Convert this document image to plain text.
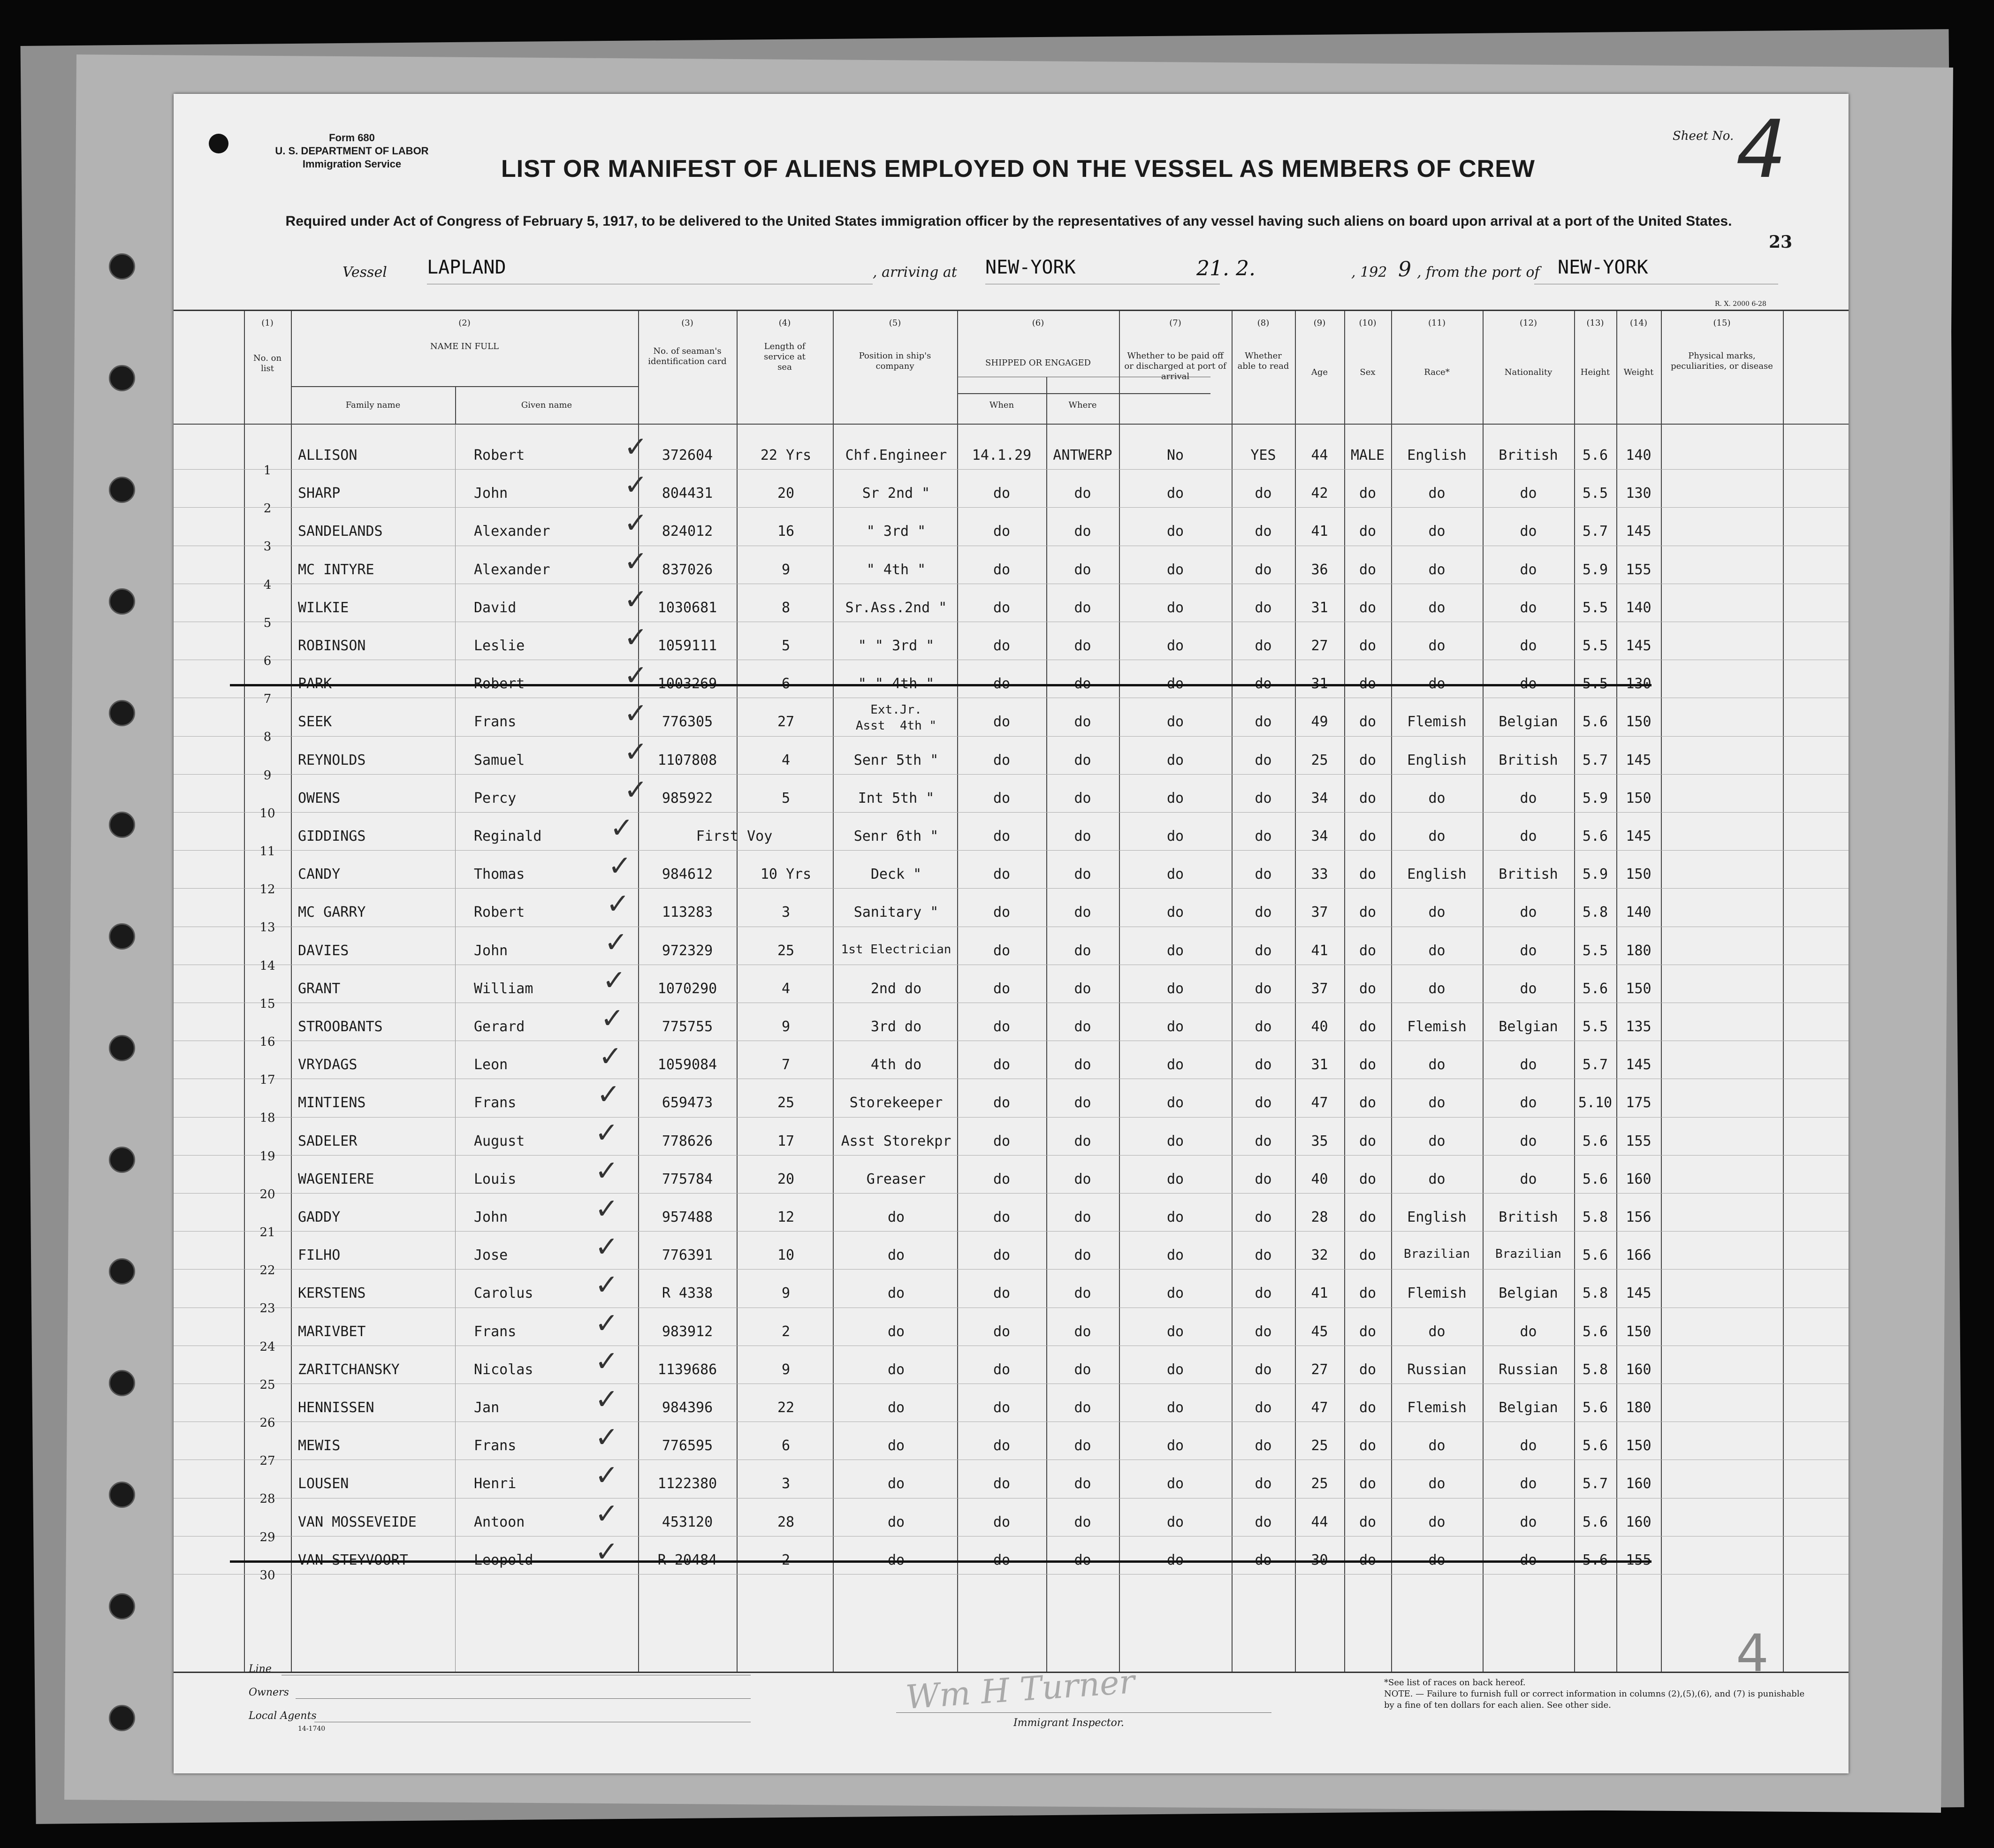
Form 680
U. S. DEPARTMENT OF LABOR
Immigration Service	LIST OR MANIFEST OF ALIENS EMPLOYED ON THE VESSEL AS MEMBERS OF CREW
Sheet No. 4
23
Required under Act of Congress of February 5, 1917, to be delivered to the United States immigration officer by the representatives of any vessel having such aliens on board upon arrival at a port of the United States.
Vessel LAPLAND	, arriving at NEW-YORK	21. 2.	, 192 9 , from the port of NEW-YORK
R. X. 2000 6-28
(1)
No. on list
(2)
NAME IN FULL
Family name	Given name
(3)
No. of seaman's identification card
(4)
Length of service at sea
(5)
Position in ship's company
(6)
SHIPPED OR ENGAGED
When	Where
(7)
Whether to be paid off or discharged at port of arrival
(8)
Whether able to read
(9)
Age
(10)
Sex
(11)
Race*
(12)
Nationality
(13)
Height
(14)
Weight
(15)
Physical marks, peculiarities, or disease
1
ALLISON	Robert	372604	22 Yrs	Chf.Engineer	14.1.29	ANTWERP	No	YES	44	MALE	English	British	5.6	140
✓
2
SHARP	John	804431	20	Sr 2nd "	do	do	do	do	42	do	do	do	5.5	130
✓
3
SANDELANDS	Alexander	824012	16	" 3rd "	do	do	do	do	41	do	do	do	5.7	145
✓
4
MC INTYRE	Alexander	837026	9	" 4th "	do	do	do	do	36	do	do	do	5.9	155
✓
5
WILKIE	David	1030681	8	Sr.Ass.2nd "	do	do	do	do	31	do	do	do	5.5	140
✓
6
ROBINSON	Leslie	1059111	5	" " 3rd "	do	do	do	do	27	do	do	do	5.5	145
✓
7
PARK	Robert	1003269	6	" " 4th "	do	do	do	do	31	do	do	do	5.5	130
✓
8
SEEK	Frans	776305	27
Ext.Jr.
Asst  4th "	do	do	do	do	49	do	Flemish	Belgian	5.6	150
✓
9
REYNOLDS	Samuel	1107808	4	Senr 5th "	do	do	do	do	25	do	English	British	5.7	145
✓
10
OWENS	Percy	985922	5	Int 5th "	do	do	do	do	34	do	do	do	5.9	150
✓
11
GIDDINGS	Reginald	First Voy	Senr 6th "	do	do	do	do	34	do	do	do	5.6	145
✓
12
CANDY	Thomas	984612	10 Yrs	Deck "	do	do	do	do	33	do	English	British	5.9	150
✓
13
MC GARRY	Robert	113283	3	Sanitary "	do	do	do	do	37	do	do	do	5.8	140
✓
14
DAVIES	John	972329	25	1st Electrician	do	do	do	do	41	do	do	do	5.5	180
✓
15
GRANT	William	1070290	4	2nd do	do	do	do	do	37	do	do	do	5.6	150
✓
16
STROOBANTS	Gerard	775755	9	3rd do	do	do	do	do	40	do	Flemish	Belgian	5.5	135
✓
17
VRYDAGS	Leon	1059084	7	4th do	do	do	do	do	31	do	do	do	5.7	145
✓
18
MINTIENS	Frans	659473	25	Storekeeper	do	do	do	do	47	do	do	do	5.10 175
✓
19
SADELER	August	778626	17	Asst Storekpr	do	do	do	do	35	do	do	do	5.6	155
✓
20
WAGENIERE	Louis	775784	20	Greaser	do	do	do	do	40	do	do	do	5.6	160
✓
21
GADDY	John	957488	12	do	do	do	do	do	28	do	English	British	5.8	156
✓
22
FILHO	Jose	776391	10	do	do	do	do	do	32	do	Brazilian	Brazilian	5.6	166
✓
23
KERSTENS	Carolus	R 4338	9	do	do	do	do	do	41	do	Flemish	Belgian	5.8	145
✓
24
MARIVBET	Frans	983912	2	do	do	do	do	do	45	do	do	do	5.6	150
✓
25
ZARITCHANSKY	Nicolas	1139686	9	do	do	do	do	do	27	do	Russian	Russian	5.8	160
✓
26
HENNISSEN	Jan	984396	22	do	do	do	do	do	47	do	Flemish	Belgian	5.6	180
✓
27
MEWIS	Frans	776595	6	do	do	do	do	do	25	do	do	do	5.6	150
✓
28
LOUSEN	Henri	1122380	3	do	do	do	do	do	25	do	do	do	5.7	160
✓
29
VAN MOSSEVEIDE	Antoon	453120	28	do	do	do	do	do	44	do	do	do	5.6	160
✓
30
VAN STEYVOORT	Leopold	R 20484	2	do	do	do	do	do	30	do	do	do	5.6	155
✓
Line
Owners
Local Agents
14-1740
Wm H Turner
Immigrant Inspector.
*See list of races on back hereof.
NOTE. — Failure to furnish full or correct information in columns (2),(5),(6), and (7) is punishable by a fine of ten dollars for each alien. See other side.
4
